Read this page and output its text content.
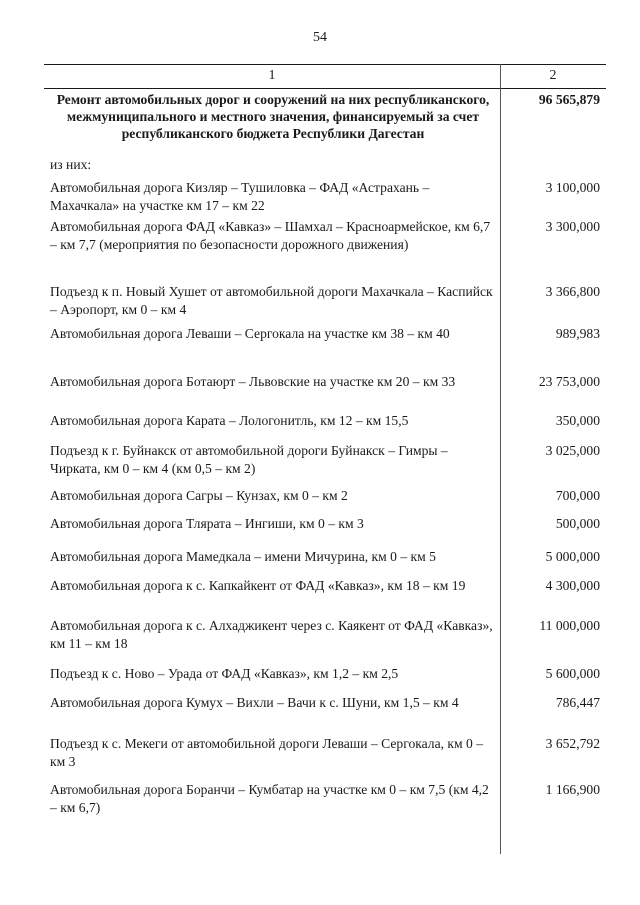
54
1	2
Ремонт автомобильных дорог и сооружений на них республиканского, межмуниципального и местного значения, финансируемый за счет республиканского бюджета Республики Дагестан
96 565,879
из них:
Автомобильная дорога Кизляр – Тушиловка – ФАД «Астрахань – Махачкала» на участке км 17 – км 22
3 100,000
Автомобильная дорога ФАД «Кавказ» – Шамхал – Красноармейское, км 6,7 – км 7,7 (мероприятия по безопасности дорожного движения)
3 300,000
Подъезд к п. Новый Хушет от автомобильной дороги Махачкала – Каспийск – Аэропорт, км 0 – км 4
3 366,800
Автомобильная дорога Леваши – Сергокала на участке км 38 – км 40	989,983
Автомобильная дорога Ботаюрт – Львовские на участке км 20 – км 33	23 753,000
Автомобильная дорога Карата – Лологонитль, км 12 – км 15,5	350,000
Подъезд к г. Буйнакск от автомобильной дороги Буйнакск – Гимры – Чирката, км 0 – км 4 (км 0,5 – км 2)
3 025,000
Автомобильная дорога Сагры – Кунзах, км 0 – км 2	700,000
Автомобильная дорога Тлярата – Ингиши, км 0 – км 3	500,000
Автомобильная дорога Мамедкала – имени Мичурина, км 0 – км 5	5 000,000
Автомобильная дорога к с. Капкайкент от ФАД «Кавказ», км 18 – км 19	4 300,000
Автомобильная дорога к с. Алхаджикент через с. Каякент от ФАД «Кавказ», км 11 – км 18
11 000,000
Подъезд к с. Ново – Урада от ФАД «Кавказ», км 1,2 – км 2,5	5 600,000
Автомобильная дорога Кумух – Вихли – Вачи к с. Шуни, км 1,5 – км 4	786,447
Подъезд к с. Мекеги от автомобильной дороги Леваши – Сергокала, км 0 – км 3
3 652,792
Автомобильная дорога Боранчи – Кумбатар на участке км 0 – км 7,5 (км 4,2 – км 6,7)
1 166,900
